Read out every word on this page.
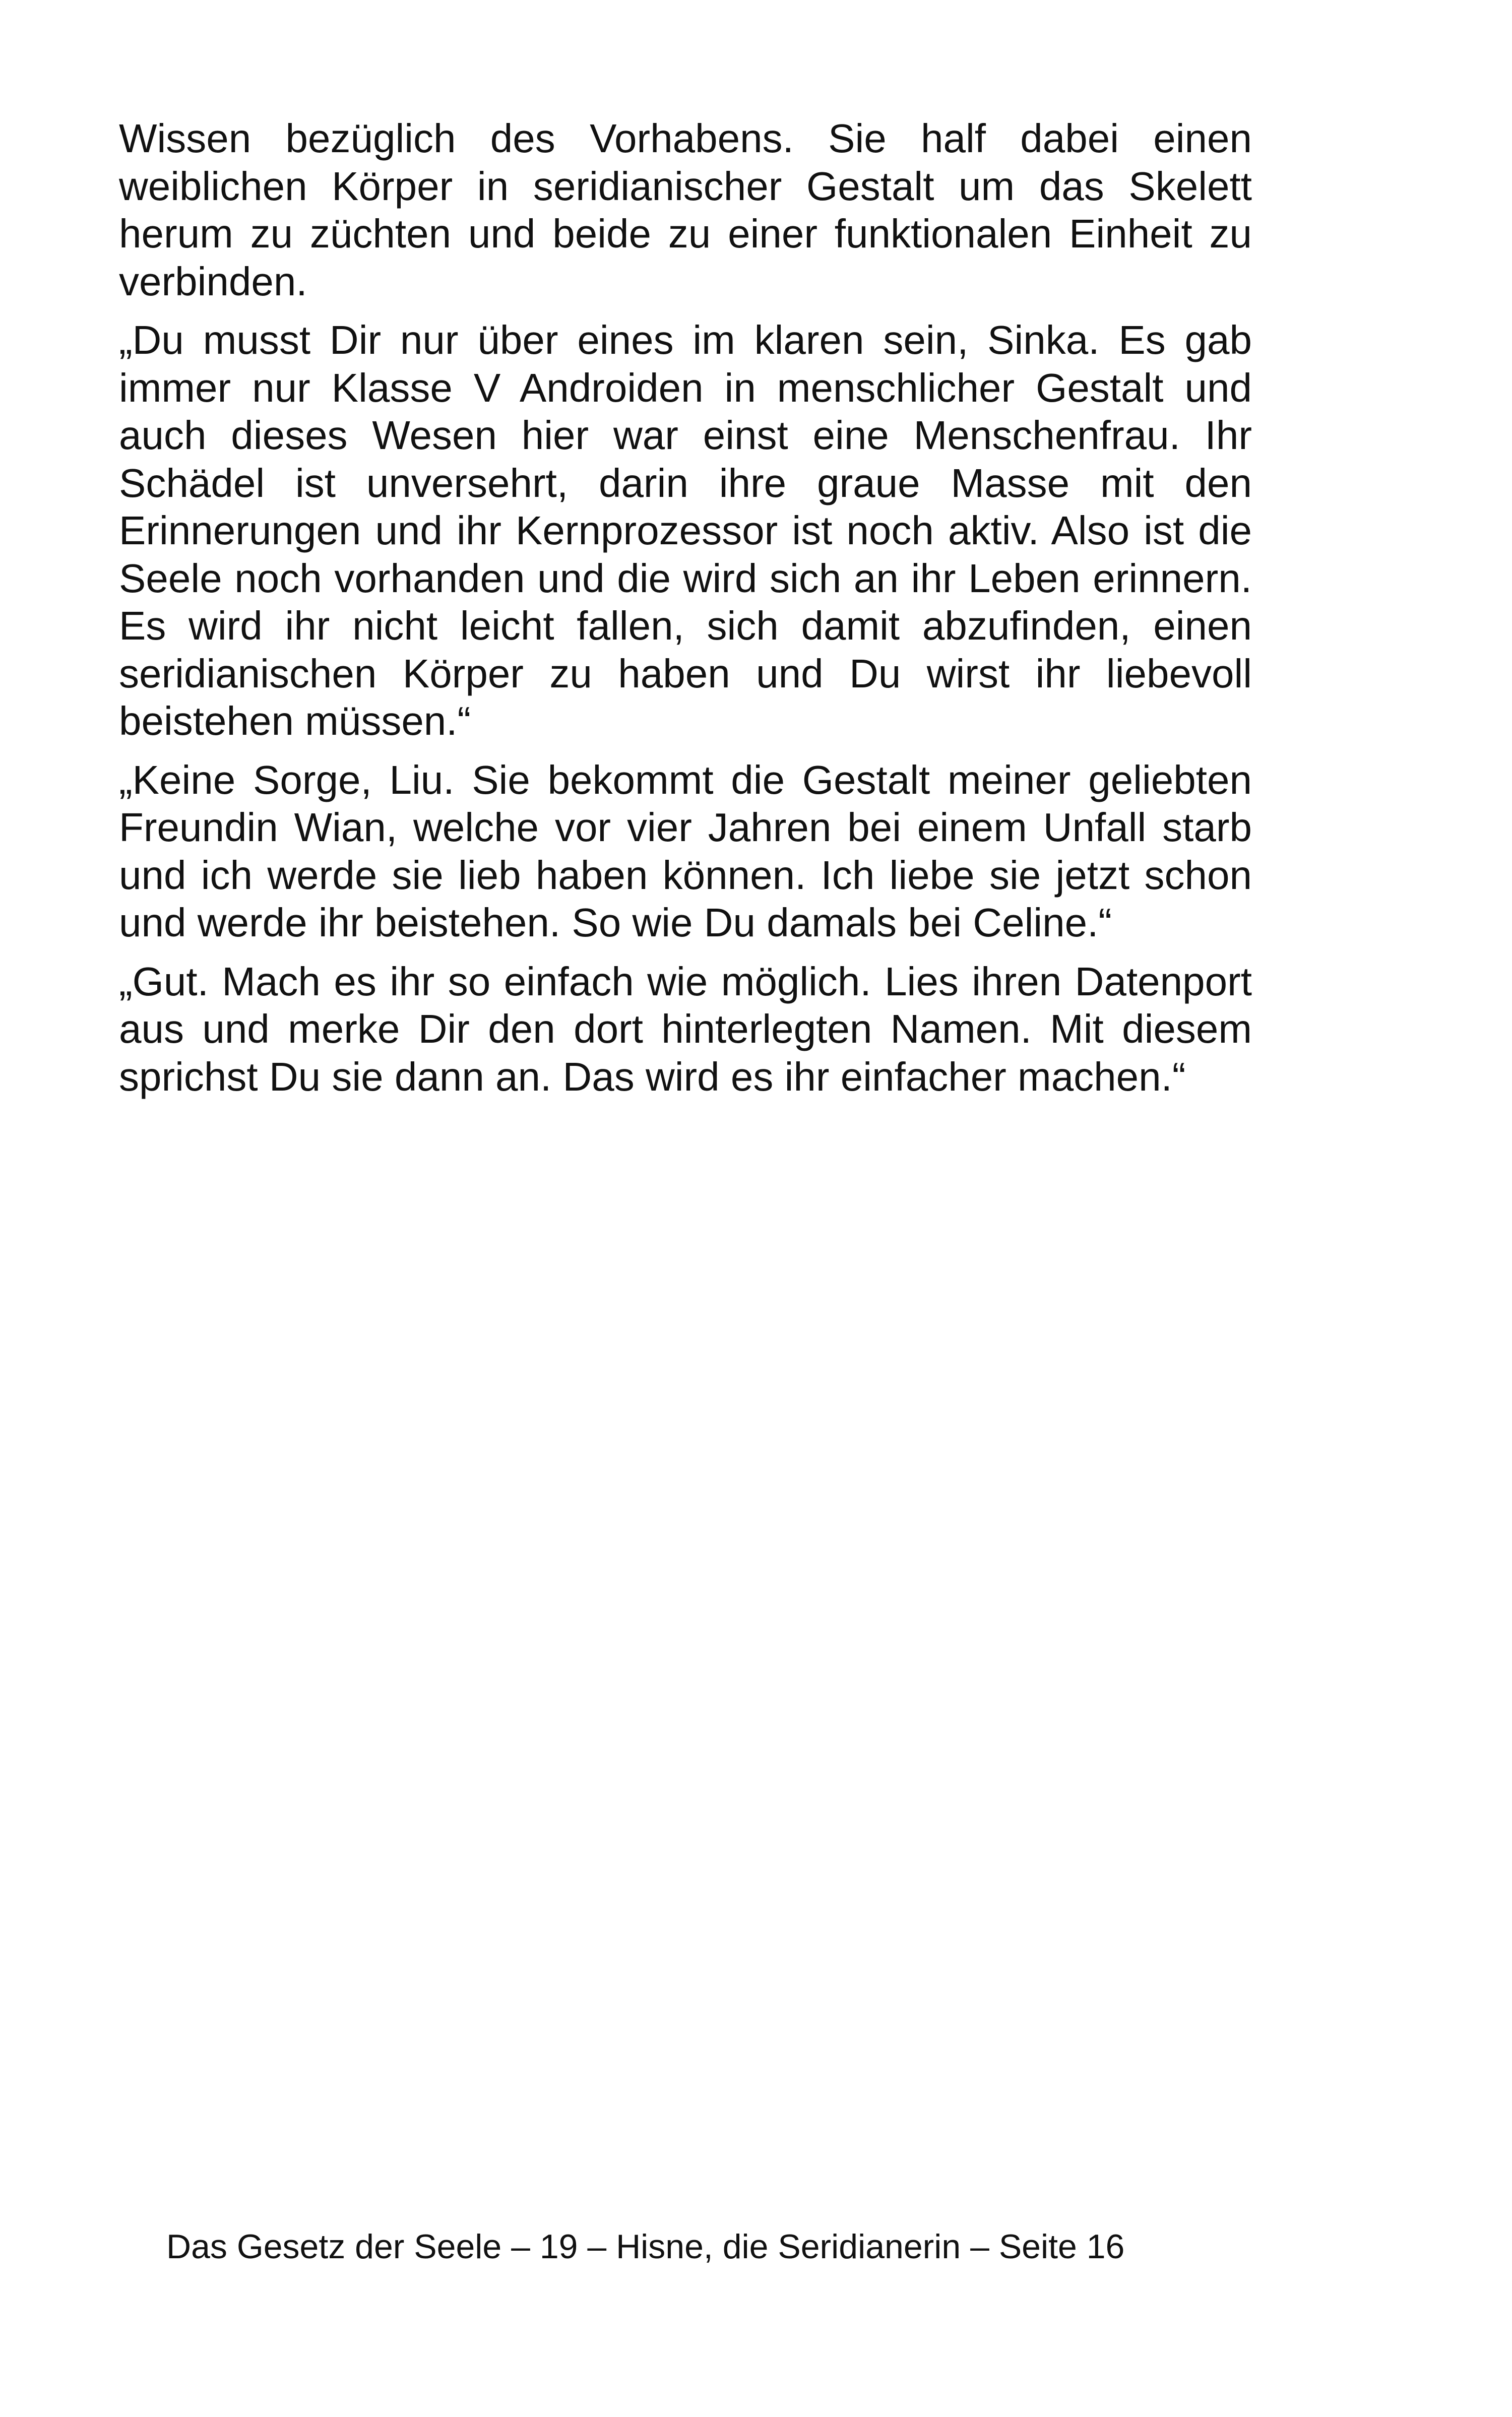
Wissen bezüglich des Vorhabens. Sie half dabei einen weiblichen Körper in seridianischer Gestalt um das Skelett herum zu züchten und beide zu einer funktionalen Einheit zu verbinden.

„Du musst Dir nur über eines im klaren sein, Sinka. Es gab immer nur Klasse V Androiden in menschlicher Gestalt und auch dieses Wesen hier war einst eine Menschenfrau. Ihr Schädel ist unversehrt, darin ihre graue Masse mit den Erinnerungen und ihr Kernprozessor ist noch aktiv. Also ist die Seele noch vorhanden und die wird sich an ihr Leben erinnern. Es wird ihr nicht leicht fallen, sich damit abzufinden, einen seridianischen Körper zu haben und Du wirst ihr liebevoll beistehen müssen.“

„Keine Sorge, Liu. Sie bekommt die Gestalt meiner geliebten Freundin Wian, welche vor vier Jahren bei einem Unfall starb und ich werde sie lieb haben können. Ich liebe sie jetzt schon und werde ihr beistehen. So wie Du damals bei Celine.“

„Gut. Mach es ihr so einfach wie möglich. Lies ihren Datenport aus und merke Dir den dort hinterlegten Namen. Mit diesem sprichst Du sie dann an. Das wird es ihr einfacher machen.“

Das Gesetz der Seele – 19 – Hisne, die Seridianerin – Seite 16
